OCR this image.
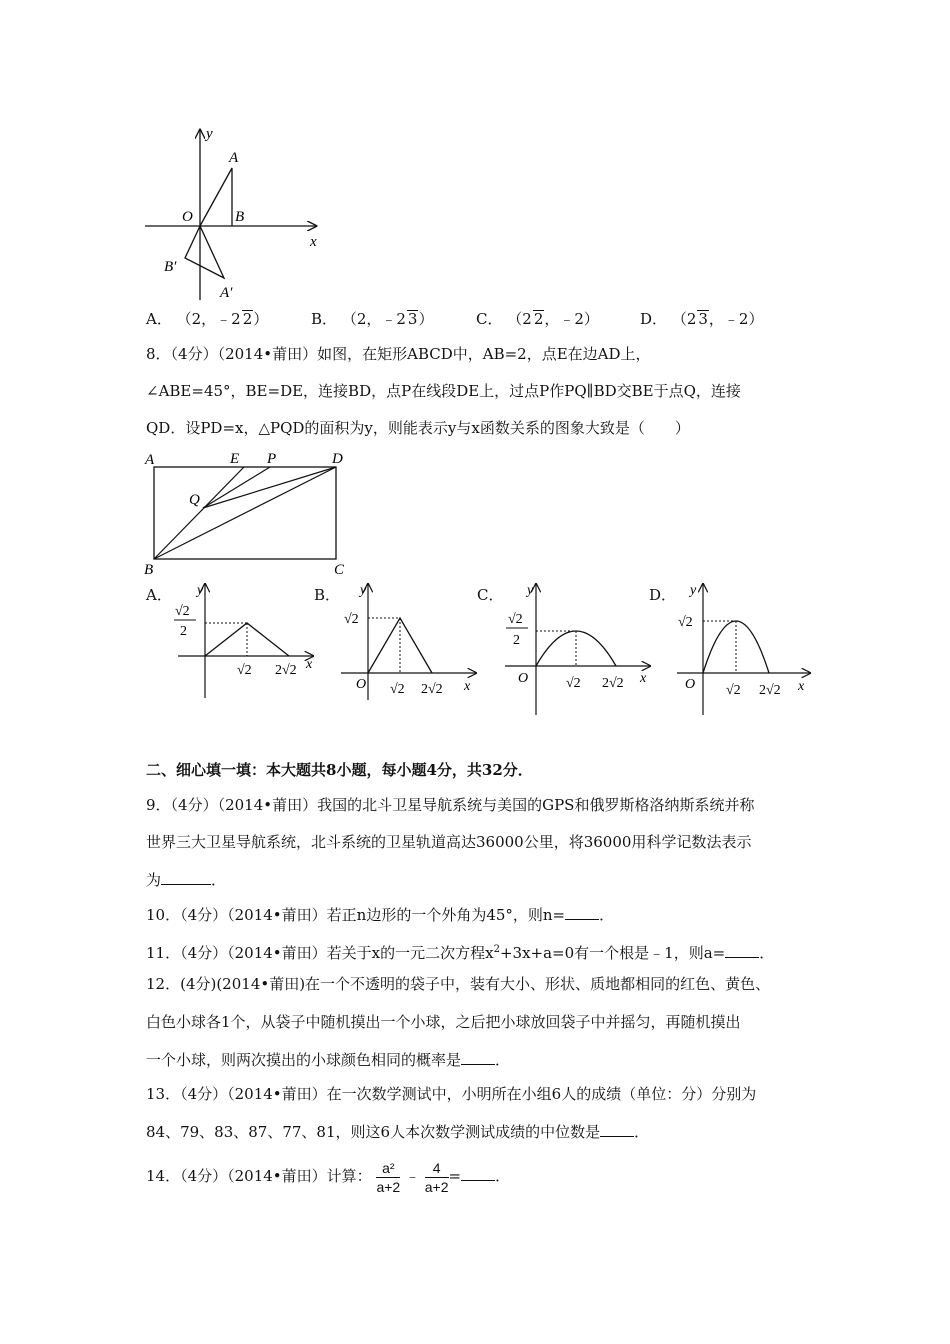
y
x
A
O	B
B′
A′
A． （2，﹣2 2）	B． （2，﹣2 3）	C． （2 2，﹣2）	D． （2 3，﹣2）
8．（4分）（2014•莆田）如图，在矩形ABCD中，AB=2，点E在边AD上，
∠ABE=45°，BE=DE，连接BD，点P在线段DE上，过点P作PQ∥BD交BE于点Q，连接
QD．设PD=x，△PQD的面积为y，则能表示y与x函数关系的图象大致是（　　）
A	E P	D
Q
B	C
A．	B．	C．	D．
y
x
√2
2
√2 2√2
y
x
√2
O √2 2√2
y
x
√2
2
O	√2 2√2
y
x
√2
O √2 2√2
二、细心填一填：本大题共8小题，每小题4分，共32分．
9．（4分）（2014•莆田）我国的北斗卫星导航系统与美国的GPS和俄罗斯格洛纳斯系统并称
世界三大卫星导航系统，北斗系统的卫星轨道高达36000公里，将36000用科学记数法表示
为	．
10．（4分）（2014•莆田）若正n边形的一个外角为45°，则n= ．
11．（4分）（2014•莆田）若关于x的一元二次方程$x^2+3x+a=0$有一个根是﹣1，则a= ．
12．(4分)(2014•莆田)在一个不透明的袋子中，装有大小、形状、质地都相同的红色、黄色、
白色小球各1个，从袋子中随机摸出一个小球，之后把小球放回袋子中并摇匀，再随机摸出
一个小球，则两次摸出的小球颜色相同的概率是 ．
13．（4分）（2014•莆田）在一次数学测试中，小明所在小组6人的成绩（单位：分）分别为
84、79、83、87、77、81，则这6人本次数学测试成绩的中位数是 ．
14．（4分）（2014•莆田）计算： $\frac{\text{a²}}{a+2}$ ﹣ $\frac{4}{a+2}$ = ．
